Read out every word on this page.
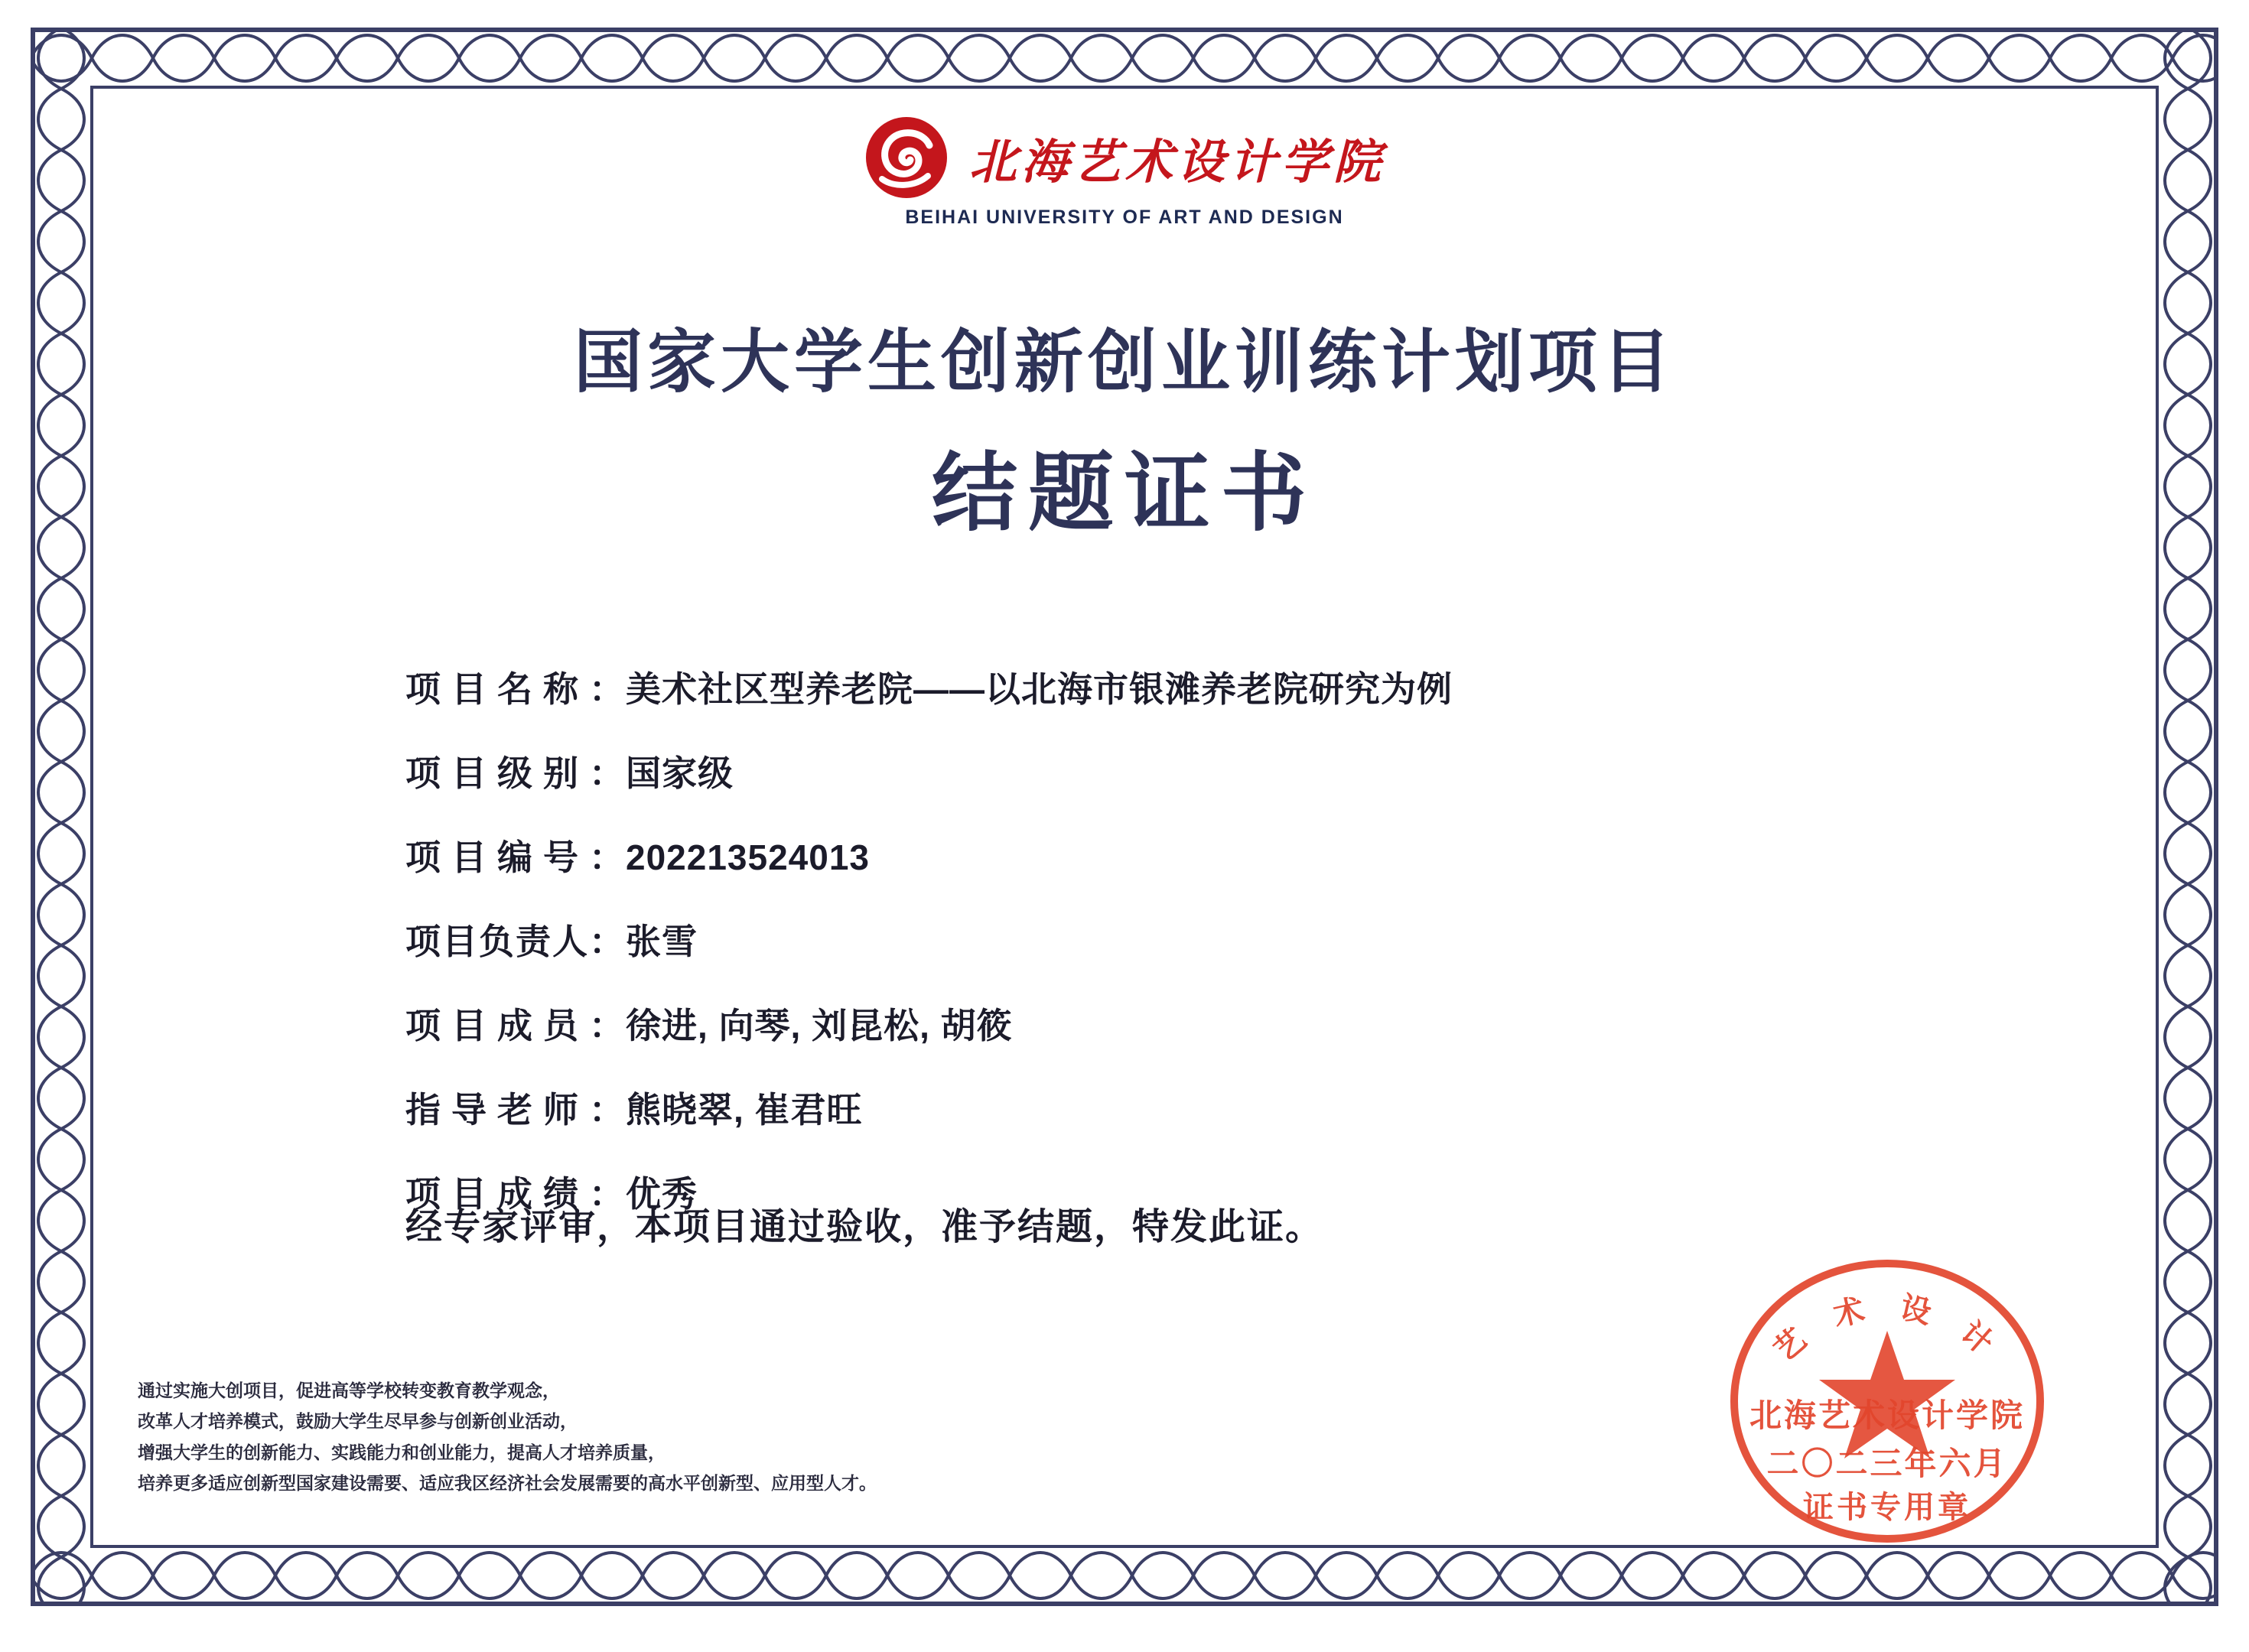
北海艺术设计学院
BEIHAI UNIVERSITY OF ART AND DESIGN
国家大学生创新创业训练计划项目
结题证书
项目名称 ： 美术社区型养老院——以北海市银滩养老院研究为例
项目级别 ： 国家级
项目编号 ： 202213524013
项目负责人 ： 张雪
项目成员 ： 徐进, 向琴, 刘昆松, 胡筱
指导老师 ： 熊晓翠, 崔君旺
项目成绩 ： 优秀
经专家评审，本项目通过验收，准予结题，特发此证。
通过实施大创项目，促进高等学校转变教育教学观念，
改革人才培养模式，鼓励大学生尽早参与创新创业活动，
增强大学生的创新能力、实践能力和创业能力，提高人才培养质量，
培养更多适应创新型国家建设需要、适应我区经济社会发展需要的高水平创新型、应用型人才。
艺 术 设 计
北海艺术设计学院
二〇二三年六月
证书专用章
